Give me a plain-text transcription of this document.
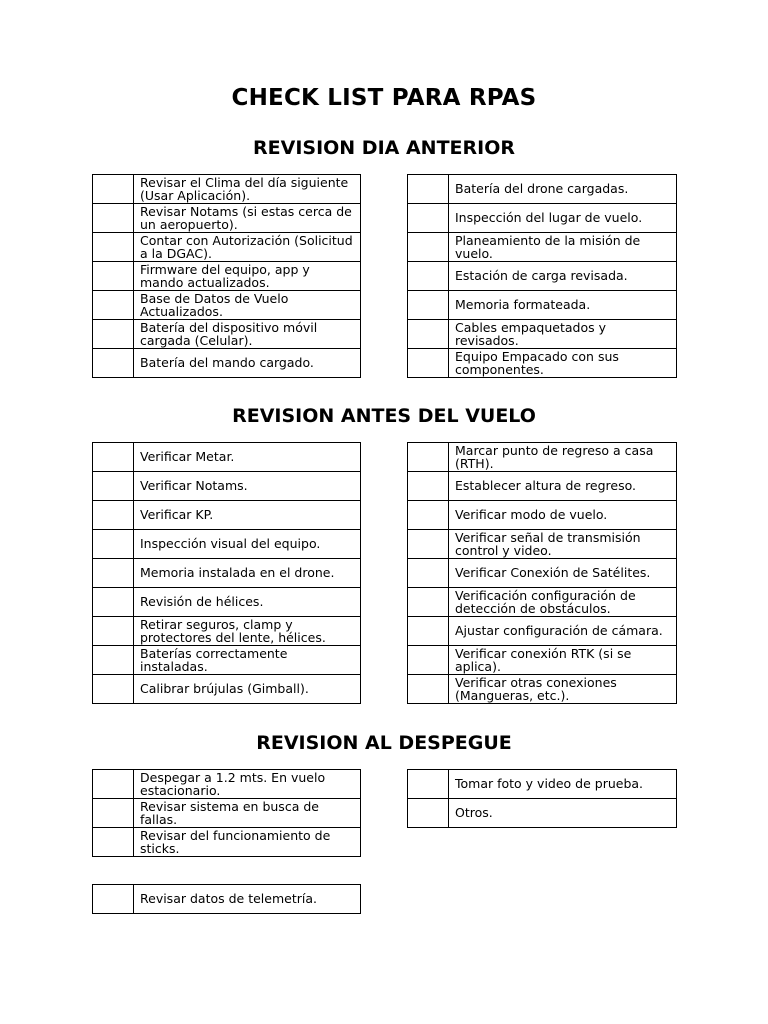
CHECK LIST PARA RPAS
REVISION DIA ANTERIOR
	Revisar el Clima del día siguiente (Usar Aplicación).
	Revisar Notams (si estas cerca de un aeropuerto).
	Contar con Autorización (Solicitud a la DGAC).
	Firmware del equipo, app y mando actualizados.
	Base de Datos de Vuelo Actualizados.
	Batería del dispositivo móvil cargada (Celular).
	Batería del mando cargado.
	Batería del drone cargadas.
	Inspección del lugar de vuelo.
	Planeamiento de la misión de vuelo.
	Estación de carga revisada.
	Memoria formateada.
	Cables empaquetados y revisados.
	Equipo Empacado con sus componentes.
REVISION ANTES DEL VUELO
	Verificar Metar.
	Verificar Notams.
	Verificar KP.
	Inspección visual del equipo.
	Memoria instalada en el drone.
	Revisión de hélices.
	Retirar seguros, clamp y protectores del lente, hélices.
	Baterías correctamente instaladas.
	Calibrar brújulas (Gimball).
	Marcar punto de regreso a casa (RTH).
	Establecer altura de regreso.
	Verificar modo de vuelo.
	Verificar señal de transmisión control y video.
	Verificar Conexión de Satélites.
	Verificación configuración de detección de obstáculos.
	Ajustar configuración de cámara.
	Verificar conexión RTK (si se aplica).
	Verificar otras conexiones (Mangueras, etc.).
REVISION AL DESPEGUE
	Despegar a 1.2 mts. En vuelo estacionario.
	Revisar sistema en busca de fallas.
	Revisar del funcionamiento de sticks.
	Tomar foto y video de prueba.
	Otros.
	Revisar datos de telemetría.
